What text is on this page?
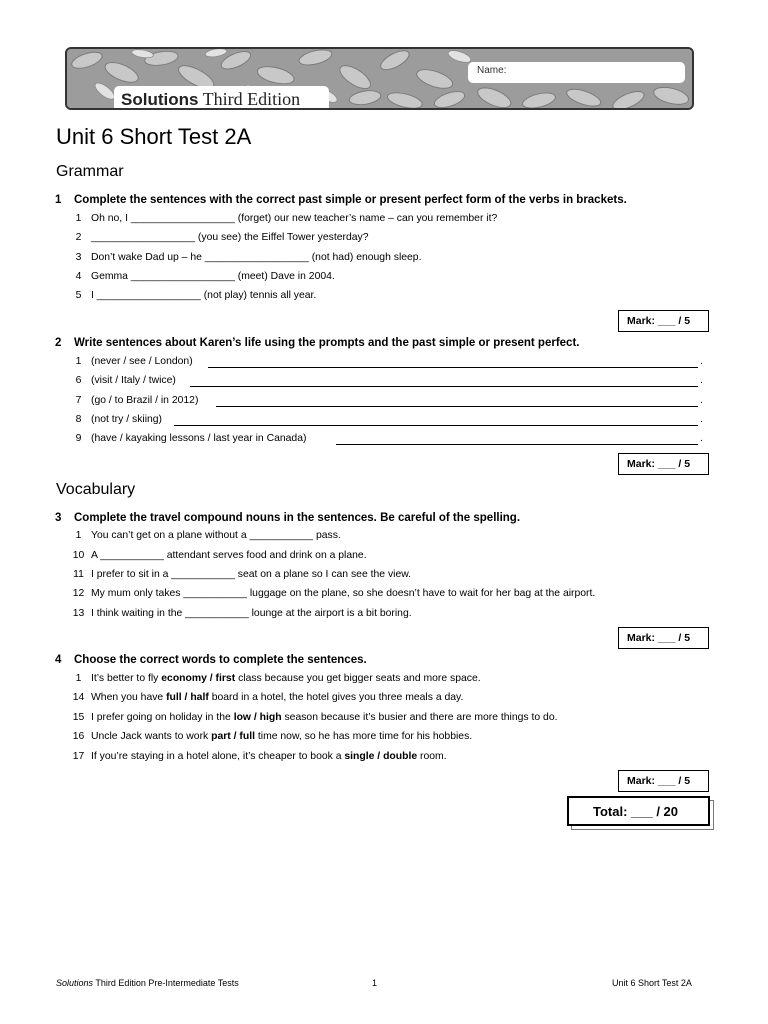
Solutions Third Edition
Name:
Unit 6 Short Test 2A
Grammar
1 Complete the sentences with the correct past simple or present perfect form of the verbs in brackets.
1 Oh no, I __________________ (forget) our new teacher’s name – can you remember it?
2 __________________ (you see) the Eiffel Tower yesterday?
3 Don’t wake Dad up – he __________________ (not had) enough sleep.
4 Gemma __________________ (meet) Dave in 2004.
5 I __________________ (not play) tennis all year.
Mark: ___ / 5
2 Write sentences about Karen’s life using the prompts and the past simple or present perfect.
1 (never / see / London)	.
6 (visit / Italy / twice)	.
7 (go / to Brazil / in 2012)	.
8 (not try / skiing)	.
9 (have / kayaking lessons / last year in Canada)	.
Mark: ___ / 5
Vocabulary
3 Complete the travel compound nouns in the sentences. Be careful of the spelling.
1 You can’t get on a plane without a ___________ pass.
10 A ___________ attendant serves food and drink on a plane.
11 I prefer to sit in a ___________ seat on a plane so I can see the view.
12 My mum only takes ___________ luggage on the plane, so she doesn’t have to wait for her bag at the airport.
13 I think waiting in the ___________ lounge at the airport is a bit boring.
Mark: ___ / 5
4 Choose the correct words to complete the sentences.
1 It’s better to fly economy / first class because you get bigger seats and more space.
14 When you have full / half board in a hotel, the hotel gives you three meals a day.
15 I prefer going on holiday in the low / high season because it’s busier and there are more things to do.
16 Uncle Jack wants to work part / full time now, so he has more time for his hobbies.
17 If you’re staying in a hotel alone, it’s cheaper to book a single / double room.
Mark: ___ / 5
Total: ___ / 20
Solutions Third Edition Pre-Intermediate Tests	1	Unit 6 Short Test 2A
